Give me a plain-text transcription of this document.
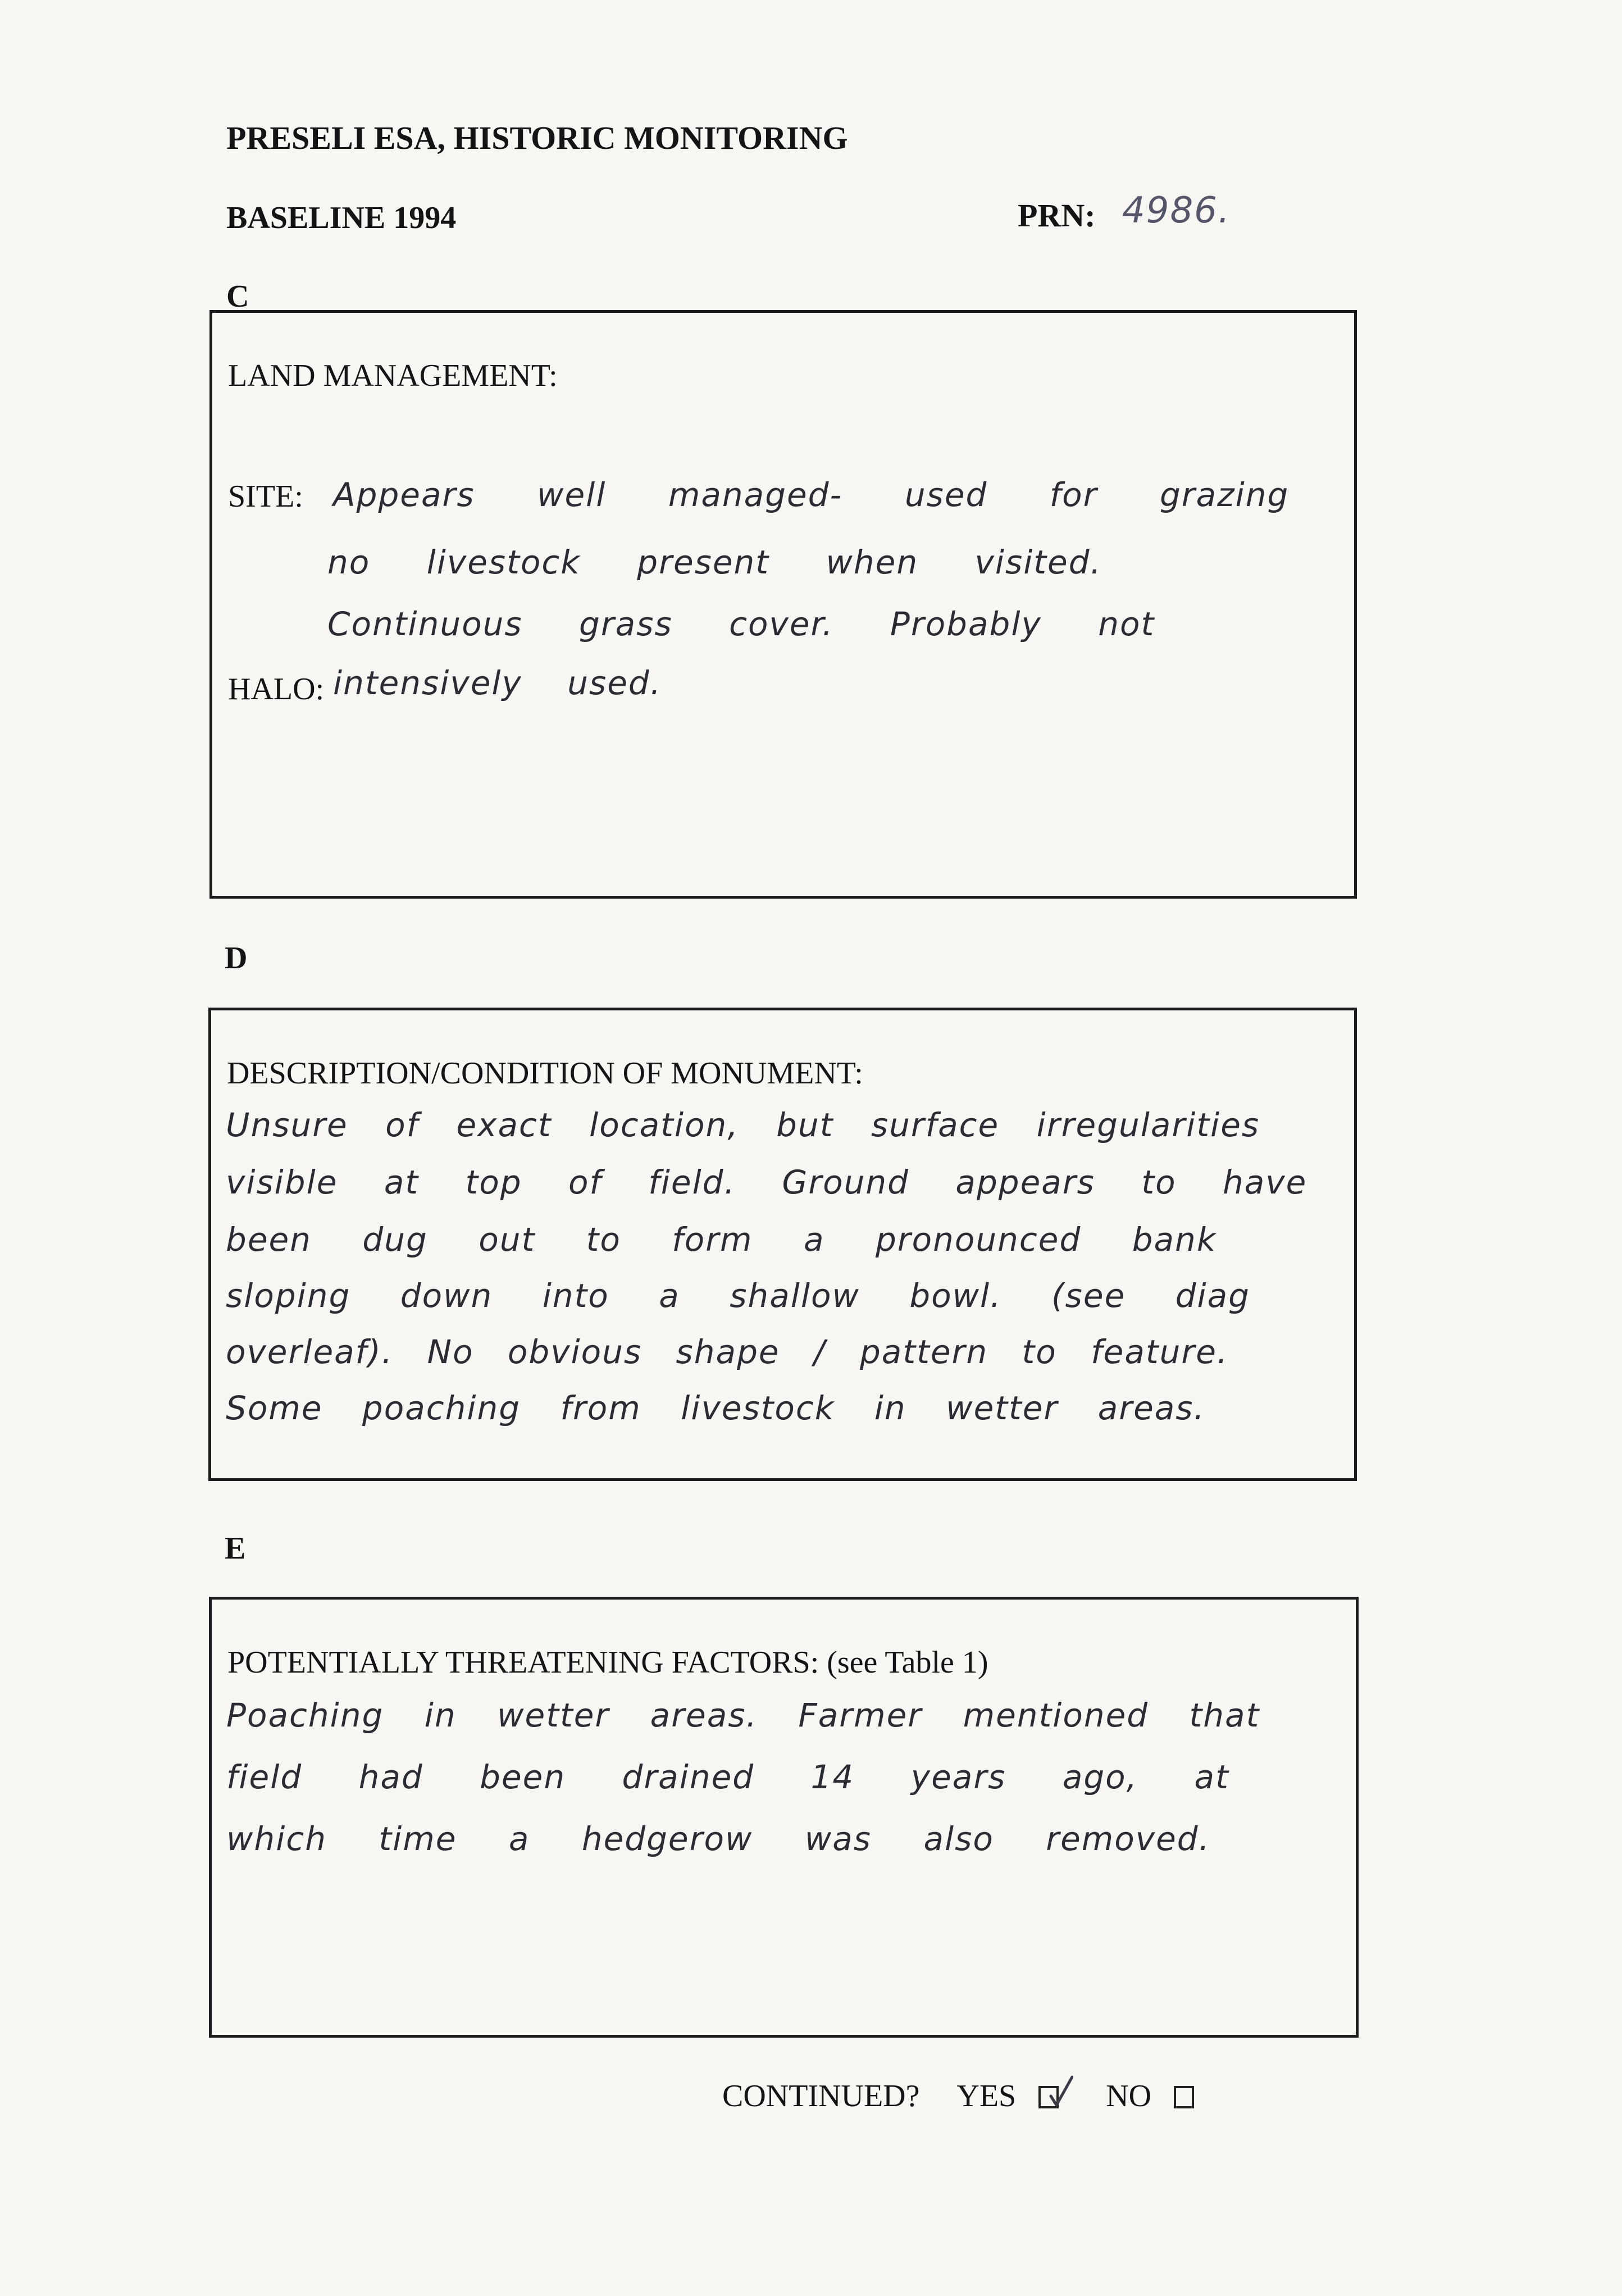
PRESELI ESA, HISTORIC MONITORING
BASELINE 1994	PRN: 4986.
C
LAND MANAGEMENT:
SITE:
HALO:
Appears well managed- used for grazing
no livestock present when visited.
Continuous grass cover. Probably not
intensively used.
D
DESCRIPTION/CONDITION OF MONUMENT:
Unsure of exact location, but surface irregularities
visible at top of field. Ground appears to have
been dug out to form a pronounced bank
sloping down into a shallow bowl. (see diag
overleaf). No obvious shape / pattern to feature.
Some poaching from livestock in wetter areas.
E
POTENTIALLY THREATENING FACTORS: (see Table 1)
Poaching in wetter areas. Farmer mentioned that
field had been drained 14 years ago, at
which time a hedgerow was also removed.
CONTINUED? YES	NO
